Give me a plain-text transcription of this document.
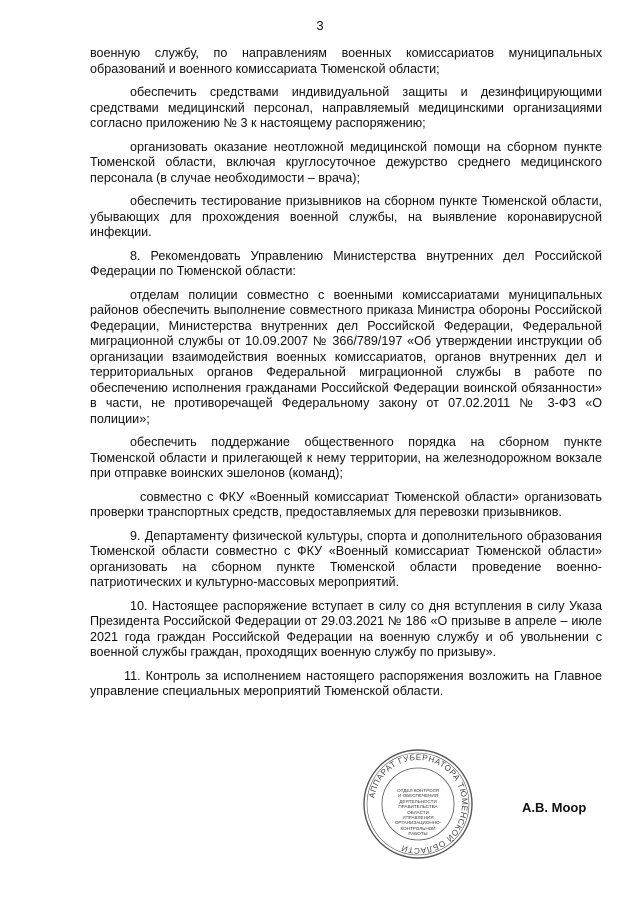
3

военную службу, по направлениям военных комиссариатов муниципальных образований и военного комиссариата Тюменской области;

обеспечить средствами индивидуальной защиты и дезинфицирующими средствами медицинский персонал, направляемый медицинскими организациями согласно приложению № 3 к настоящему распоряжению;

организовать оказание неотложной медицинской помощи на сборном пункте Тюменской области, включая круглосуточное дежурство среднего медицинского персонала (в случае необходимости – врача);

обеспечить тестирование призывников на сборном пункте Тюменской области, убывающих для прохождения военной службы, на выявление коронавирусной инфекции.

8. Рекомендовать Управлению Министерства внутренних дел Российской Федерации по Тюменской области:

отделам полиции совместно с военными комиссариатами муниципальных районов обеспечить выполнение совместного приказа Министра обороны Российской Федерации, Министерства внутренних дел Российской Федерации, Федеральной миграционной службы от 10.09.2007 № 366/789/197 «Об утверждении инструкции об организации взаимодействия военных комиссариатов, органов внутренних дел и территориальных органов Федеральной миграционной службы в работе по обеспечению исполнения гражданами Российской Федерации воинской обязанности» в части, не противоречащей Федеральному закону от 07.02.2011 № 3-ФЗ «О полиции»;

обеспечить поддержание общественного порядка на сборном пункте Тюменской области и прилегающей к нему территории, на железнодорожном вокзале при отправке воинских эшелонов (команд);

совместно с ФКУ «Военный комиссариат Тюменской области» организовать проверки транспортных средств, предоставляемых для перевозки призывников.

9. Департаменту физической культуры, спорта и дополнительного образования Тюменской области совместно с ФКУ «Военный комиссариат Тюменской области» организовать на сборном пункте Тюменской области проведение военно-патриотических и культурно-массовых мероприятий.

10. Настоящее распоряжение вступает в силу со дня вступления в силу Указа Президента Российской Федерации от 29.03.2021 № 186 «О призыве в апреле – июле 2021 года граждан Российской Федерации на военную службу и об увольнении с военной службы граждан, проходящих военную службу по призыву».

11. Контроль за исполнением настоящего распоряжения возложить на Главное управление специальных мероприятий Тюменской области.

АППАРАТ ГУБЕРНАТОРА ТЮМЕНСКОЙ ОБЛАСТИ
ОТДЕЛ КОНТРОЛЯ
И ОБЕСПЕЧЕНИЯ
ДЕЯТЕЛЬНОСТИ
ПРАВИТЕЛЬСТВА ОБЛАСТИ
УПРАВЛЕНИЯ
ОРГАНИЗАЦИОННО-
КОНТРОЛЬНОЙ
РАБОТЫ
А.В. Моор
